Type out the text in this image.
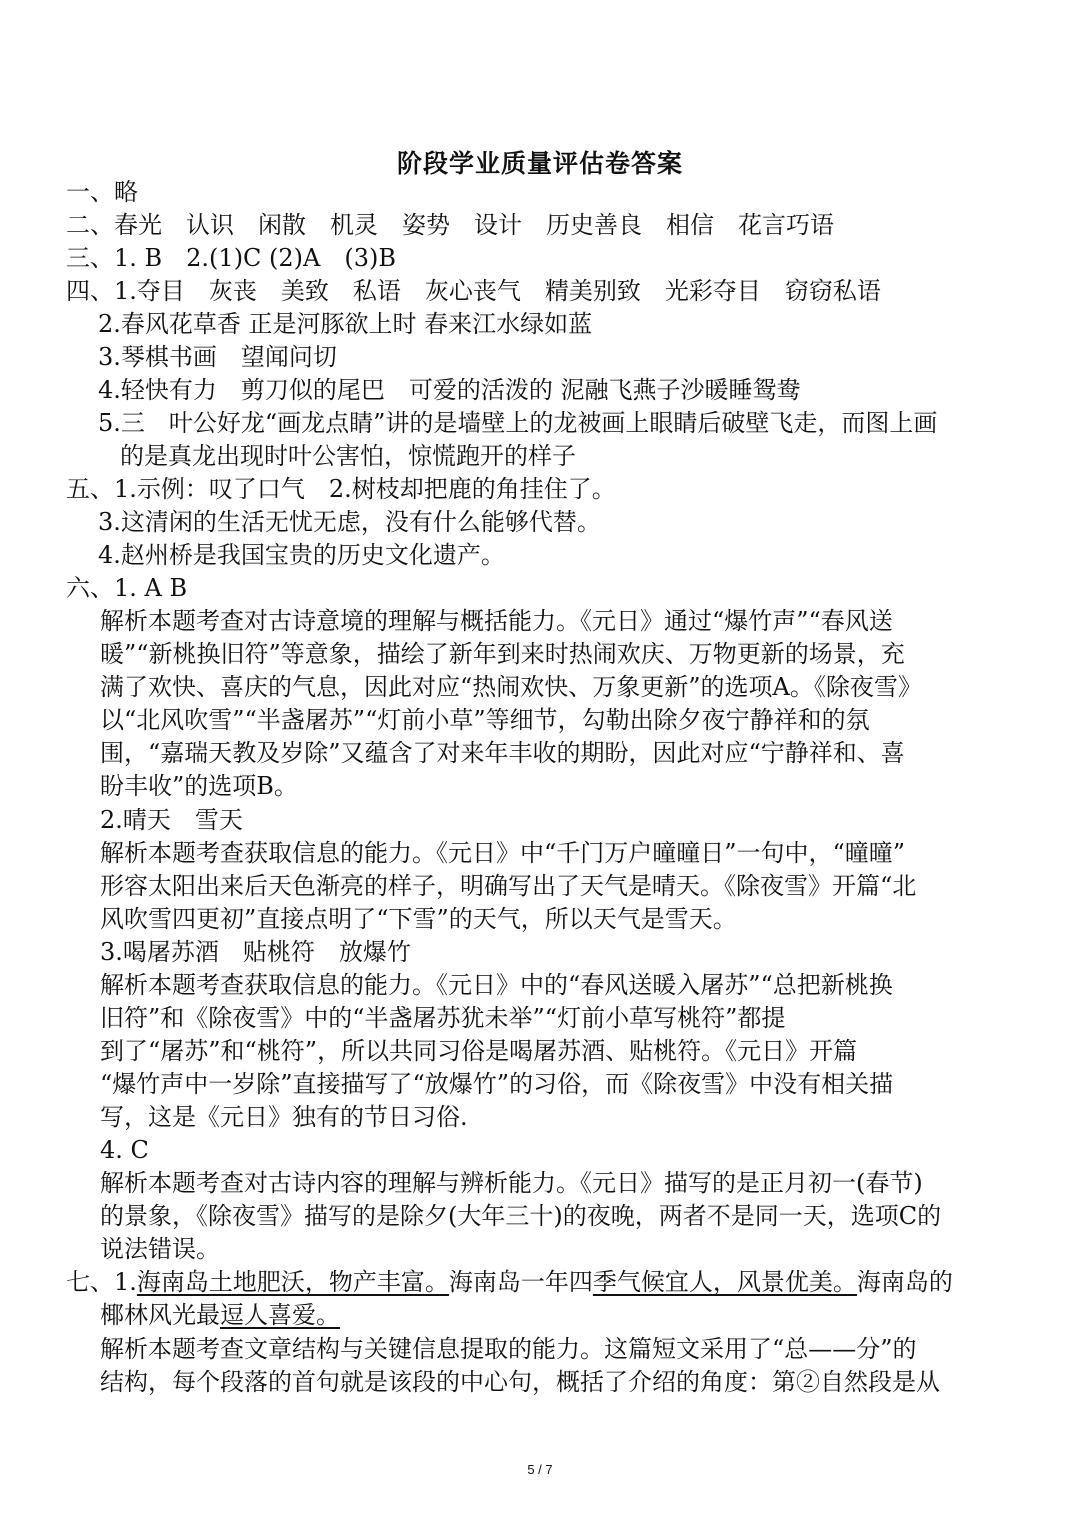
阶段学业质量评估卷答案
一、略
二、春光　认识　闲散　机灵　姿势　设计　历史善良　相信　花言巧语
三、1. B　2.(1)C (2)A　(3)B
四、1.夺目　灰丧　美致　私语　灰心丧气　精美别致　光彩夺目　窃窃私语
2.春风花草香 正是河豚欲上时 春来江水绿如蓝
3.琴棋书画　望闻问切
4.轻快有力　剪刀似的尾巴　可爱的活泼的 泥融飞燕子沙暖睡鸳鸯
5.三　叶公好龙“画龙点睛”讲的是墙壁上的龙被画上眼睛后破壁飞走，而图上画
的是真龙出现时叶公害怕，惊慌跑开的样子
五、1.示例：叹了口气　2.树枝却把鹿的角挂住了。
3.这清闲的生活无忧无虑，没有什么能够代替。
4.赵州桥是我国宝贵的历史文化遗产。
六、1. A B
解析本题考查对古诗意境的理解与概括能力。《元日》通过“爆竹声”“春风送
暖”“新桃换旧符”等意象，描绘了新年到来时热闹欢庆、万物更新的场景，充
满了欢快、喜庆的气息，因此对应“热闹欢快、万象更新”的选项A。《除夜雪》
以“北风吹雪”“半盏屠苏”“灯前小草”等细节，勾勒出除夕夜宁静祥和的氛
围，“嘉瑞天教及岁除”又蕴含了对来年丰收的期盼，因此对应“宁静祥和、喜
盼丰收”的选项B。
2.晴天　雪天
解析本题考查获取信息的能力。《元日》中“千门万户曈曈日”一句中，“曈曈”
形容太阳出来后天色渐亮的样子，明确写出了天气是晴天。《除夜雪》开篇“北
风吹雪四更初”直接点明了“下雪”的天气，所以天气是雪天。
3.喝屠苏酒　贴桃符　放爆竹
解析本题考查获取信息的能力。《元日》中的“春风送暖入屠苏”“总把新桃换
旧符”和《除夜雪》中的“半盏屠苏犹未举”“灯前小草写桃符”都提
到了“屠苏”和“桃符”，所以共同习俗是喝屠苏酒、贴桃符。《元日》开篇
“爆竹声中一岁除”直接描写了“放爆竹”的习俗，而《除夜雪》中没有相关描
写，这是《元日》独有的节日习俗.
4. C
解析本题考查对古诗内容的理解与辨析能力。《元日》描写的是正月初一(春节)
的景象，《除夜雪》描写的是除夕(大年三十)的夜晚，两者不是同一天，选项C的
说法错误。
七、1.海南岛土地肥沃，物产丰富。海南岛一年四季气候宜人，风景优美。海南岛的
椰林风光最逗人喜爱。
解析本题考查文章结构与关键信息提取的能力。这篇短文采用了“总——分”的
结构，每个段落的首句就是该段的中心句，概括了介绍的角度：第②自然段是从
5 / 7
